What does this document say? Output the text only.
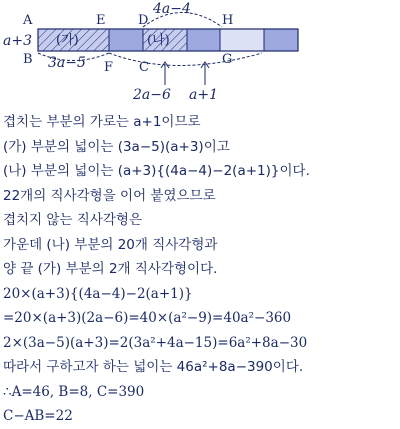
A
B
a+3
E
F
D
C
H
G
4a−4
3a−5
(가)	(나)
2a−6 a+1
겹치는 부분의 가로는 a+1이므로
(가) 부분의 넓이는 (3a−5)(a+3)이고
(나) 부분의 넓이는 (a+3){(4a−4)−2(a+1)}이다.
22개의 직사각형을 이어 붙였으므로
겹치지 않는 직사각형은
가운데 (나) 부분의 20개 직사각형과
양 끝 (가) 부분의 2개 직사각형이다.
20×(a+3){(4a−4)−2(a+1)}
=20×(a+3)(2a−6)=40×(a²−9)=40a²−360
2×(3a−5)(a+3)=2(3a²+4a−15)=6a²+8a−30
따라서 구하고자 하는 넓이는 46a²+8a−390이다.
∴A=46, B=8, C=390
C−AB=22
